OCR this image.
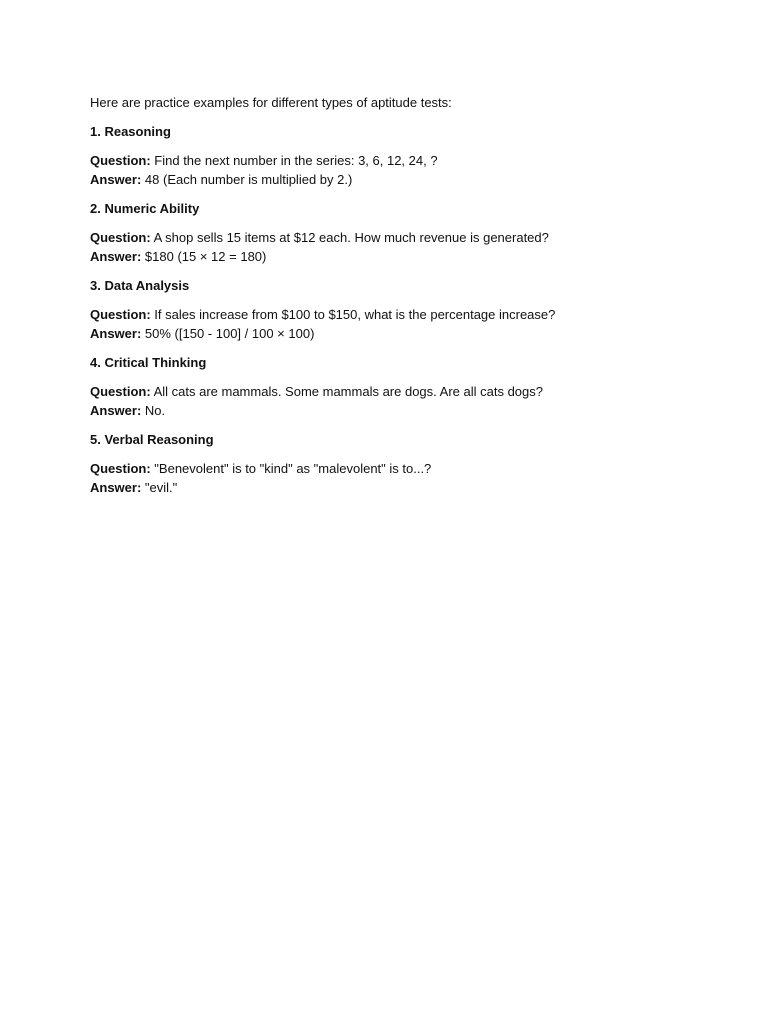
Here are practice examples for different types of aptitude tests:

1. Reasoning

Question: Find the next number in the series: 3, 6, 12, 24, ?

Answer: 48 (Each number is multiplied by 2.)

2. Numeric Ability

Question: A shop sells 15 items at $12 each. How much revenue is generated?

Answer: $180 (15 × 12 = 180)

3. Data Analysis

Question: If sales increase from $100 to $150, what is the percentage increase?

Answer: 50% ([150 - 100] / 100 × 100)

4. Critical Thinking

Question: All cats are mammals. Some mammals are dogs. Are all cats dogs?

Answer: No.

5. Verbal Reasoning

Question: "Benevolent" is to "kind" as "malevolent" is to...?

Answer: "evil."
